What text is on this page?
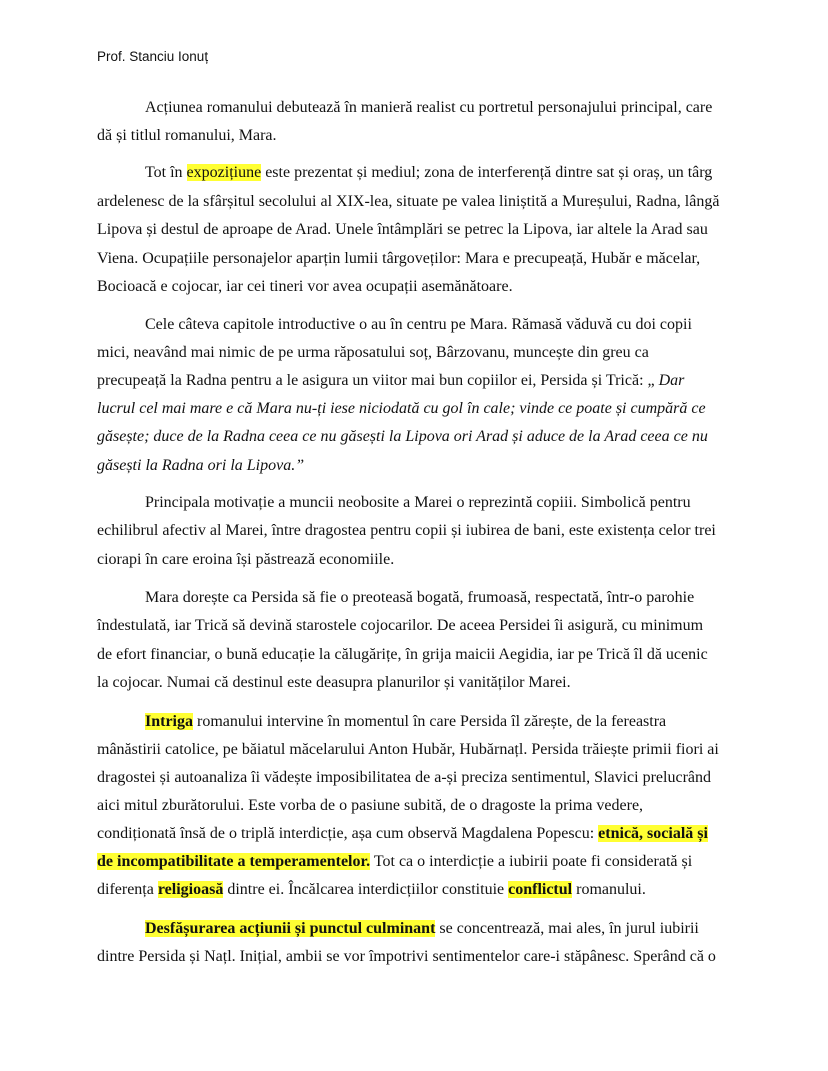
Prof. Stanciu Ionuț
Acțiunea romanului debutează în manieră realist cu portretul personajului principal, care
dă și titlul romanului, Mara.
Tot în expozițiune este prezentat și mediul; zona de interferență dintre sat și oraș, un târg
ardelenesc de la sfârșitul secolului al XIX-lea, situate pe valea liniștită a Mureșului, Radna, lângă
Lipova și destul de aproape de Arad. Unele întâmplări se petrec la Lipova, iar altele la Arad sau
Viena. Ocupațiile personajelor aparțin lumii târgoveților: Mara e precupeață, Hubăr e măcelar,
Bocioacă e cojocar, iar cei tineri vor avea ocupații asemănătoare.
Cele câteva capitole introductive o au în centru pe Mara. Rămasă văduvă cu doi copii
mici, neavând mai nimic de pe urma răposatului soț, Bârzovanu, muncește din greu ca
precupeață la Radna pentru a le asigura un viitor mai bun copiilor ei, Persida și Trică: „ Dar
lucrul cel mai mare e că Mara nu-ți iese niciodată cu gol în cale; vinde ce poate și cumpără ce
găsește; duce de la Radna ceea ce nu găsești la Lipova ori Arad și aduce de la Arad ceea ce nu
găsești la Radna ori la Lipova.”
Principala motivație a muncii neobosite a Marei o reprezintă copiii. Simbolică pentru
echilibrul afectiv al Marei, între dragostea pentru copii și iubirea de bani, este existența celor trei
ciorapi în care eroina își păstrează economiile.
Mara dorește ca Persida să fie o preoteasă bogată, frumoasă, respectată, într-o parohie
îndestulată, iar Trică să devină starostele cojocarilor. De aceea Persidei îi asigură, cu minimum
de efort financiar, o bună educație la călugărițe, în grija maicii Aegidia, iar pe Trică îl dă ucenic
la cojocar. Numai că destinul este deasupra planurilor și vanităților Marei.
Intriga romanului intervine în momentul în care Persida îl zărește, de la fereastra
mânăstirii catolice, pe băiatul măcelarului Anton Hubăr, Hubărnațl. Persida trăiește primii fiori ai
dragostei și autoanaliza îi vădește imposibilitatea de a-și preciza sentimentul, Slavici prelucrând
aici mitul zburătorului. Este vorba de o pasiune subită, de o dragoste la prima vedere,
condiționată însă de o triplă interdicție, așa cum observă Magdalena Popescu: etnică, socială și
de incompatibilitate a temperamentelor. Tot ca o interdicție a iubirii poate fi considerată și
diferența religioasă dintre ei. Încălcarea interdicțiilor constituie conflictul romanului.
Desfășurarea acțiunii și punctul culminant se concentrează, mai ales, în jurul iubirii
dintre Persida și Națl. Inițial, ambii se vor împotrivi sentimentelor care-i stăpânesc. Sperând că o
